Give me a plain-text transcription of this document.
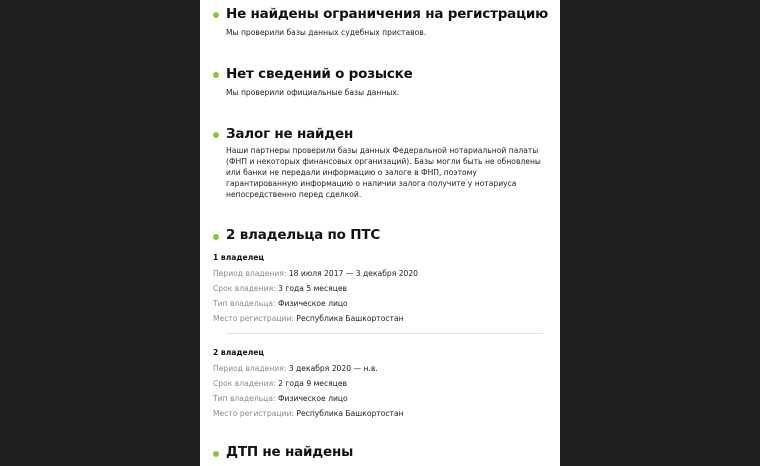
Не найдены ограничения на регистрацию

Мы проверили базы данных судебных приставов.

Нет сведений о розыске

Мы проверили официальные базы данных.

Залог не найден

Наши партнеры проверили базы данных Федеральной нотариальной палаты (ФНП и некоторых финансовых организаций). Базы могли быть не обновлены или банки не передали информацию о залоге в ФНП, поэтому гарантированную информацию о наличии залога получите у нотариуса непосредственно перед сделкой.

2 владельца по ПТС
1 владелец
Период владения: 18 июля 2017 — 3 декабря 2020
Срок владения: 3 года 5 месяцев
Тип владельца: Физическое лицо
Место регистрации: Республика Башкортостан
2 владелец
Период владения: 3 декабря 2020 — н.в.
Срок владения: 2 года 9 месяцев
Тип владельца: Физическое лицо
Место регистрации: Республика Башкортостан
ДТП не найдены
